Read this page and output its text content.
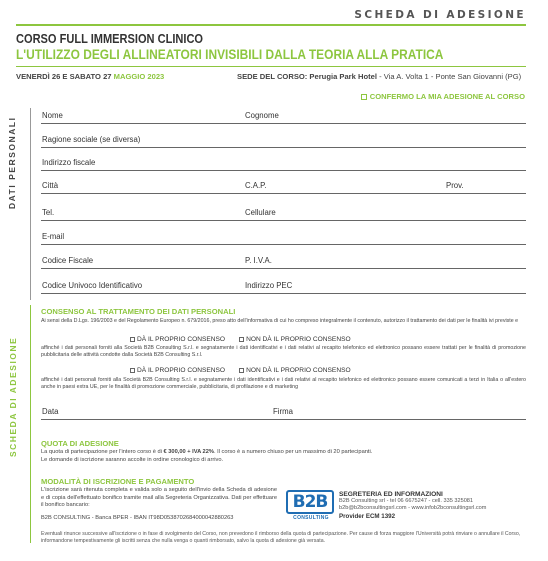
SCHEDA DI ADESIONE
CORSO FULL IMMERSION CLINICO
L'UTILIZZO DEGLI ALLINEATORI INVISIBILI DALLA TEORIA ALLA PRATICA
VENERDÌ 26 E SABATO 27 MAGGIO 2023	SEDE DEL CORSO: Perugia Park Hotel - Via A. Volta 1 - Ponte San Giovanni (PG)
CONFERMO LA MIA ADESIONE AL CORSO
DATI PERSONALI
SCHEDA DI ADESIONE
Nome	Cognome
Ragione sociale (se diversa)
Indirizzo fiscale
Città	C.A.P.	Prov.
Tel.	Cellulare
E-mail
Codice Fiscale	P. I.V.A.
Codice Univoco Identificativo	Indirizzo PEC
CONSENSO AL TRATTAMENTO DEI DATI PERSONALI
Ai sensi della D.Lgs. 196/2003 e del Regolamento Europeo n. 679/2016, preso atto dell'informativa di cui ho compreso integralmente il contenuto, autorizzo il trattamento dei dati per le finalità ivi previste e
DÀ IL PROPRIO CONSENSO	NON DÀ IL PROPRIO CONSENSO
affinché i dati personali forniti alla Società B2B Consulting S.r.l. e segnatamente i dati identificativi e i dati relativi al recapito telefonico ed elettronico possano essere trattati per le finalità di promozione pubblicitaria delle attività condotte dalla Società B2B Consulting S.r.l.
DÀ IL PROPRIO CONSENSO	NON DÀ IL PROPRIO CONSENSO
affinché i dati personali forniti alla Società B2B Consulting S.r.l. e segnatamente i dati identificativi e i dati relativi al recapito telefonico ed elettronico possano essere comunicati a terzi in Italia o all'estero anche in paesi extra UE, per le finalità di promozione commerciale, pubblicitaria, di profilazione e di marketing
Data	Firma
QUOTA DI ADESIONE
La quota di partecipazione per l'intero corso è di € 300,00 + IVA 22%. Il corso è a numero chiuso per un massimo di 20 partecipanti.
Le domande di iscrizione saranno accolte in ordine cronologico di arrivo.
MODALITÀ DI ISCRIZIONE E PAGAMENTO
L'iscrizione sarà ritenuta completa e valida solo a seguito dell'invio della Scheda di adesione e di copia dell'effettuato bonifico tramite mail alla Segreteria Organizzativa. Dati per effettuare il bonifico bancario:
B2B CONSULTING - Banca BPER - IBAN IT98D0538702684000042880263
B2B
CONSULTING
SEGRETERIA ED INFORMAZIONI
B2B Consulting srl - tel 06 6675247 - cell. 335 325081
b2b@b2bconsultingsrl.com - www.infob2bconsultingsrl.com
Provider ECM 1392
Eventuali rinunce successive all'iscrizione o in fase di svolgimento del Corso, non prevedono il rimborso della quota di partecipazione. Per cause di forza maggiore l'Università potrà rinviare o annullare il Corso, informandone tempestivamente gli iscritti senza che nulla venga o quanti rimborsato, salvo la quota di adesione già versata.
